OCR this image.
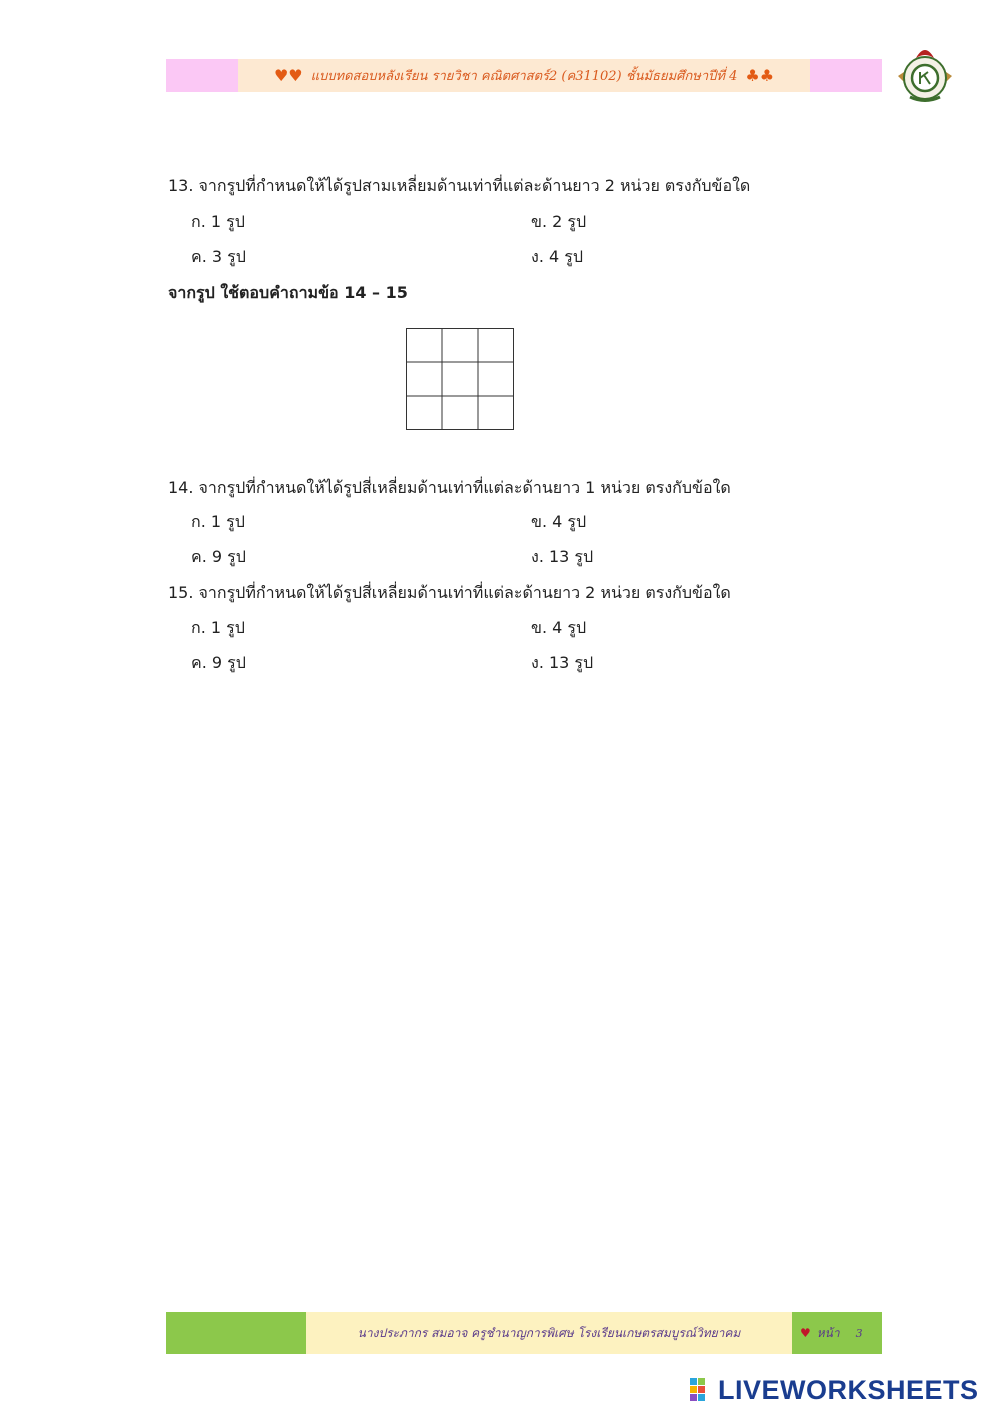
♥♥ แบบทดสอบหลังเรียน รายวิชา คณิตศาสตร์2 (ค31102) ชั้นมัธยมศึกษาปีที่ 4 ♣♣
13. จากรูปที่กำหนดให้ได้รูปสามเหลี่ยมด้านเท่าที่แต่ละด้านยาว 2 หน่วย ตรงกับข้อใด
ก. 1 รูป	ข. 2 รูป
ค. 3 รูป	ง. 4 รูป
จากรูป ใช้ตอบคำถามข้อ 14 – 15
14. จากรูปที่กำหนดให้ได้รูปสี่เหลี่ยมด้านเท่าที่แต่ละด้านยาว 1 หน่วย ตรงกับข้อใด
ก. 1 รูป	ข. 4 รูป
ค. 9 รูป	ง. 13 รูป
15. จากรูปที่กำหนดให้ได้รูปสี่เหลี่ยมด้านเท่าที่แต่ละด้านยาว 2 หน่วย ตรงกับข้อใด
ก. 1 รูป	ข. 4 รูป
ค. 9 รูป	ง. 13 รูป
นางประภากร สมอาจ ครูชำนาญการพิเศษ โรงเรียนเกษตรสมบูรณ์วิทยาคม	♥ หน้า 3
LIVEWORKSHEETS
